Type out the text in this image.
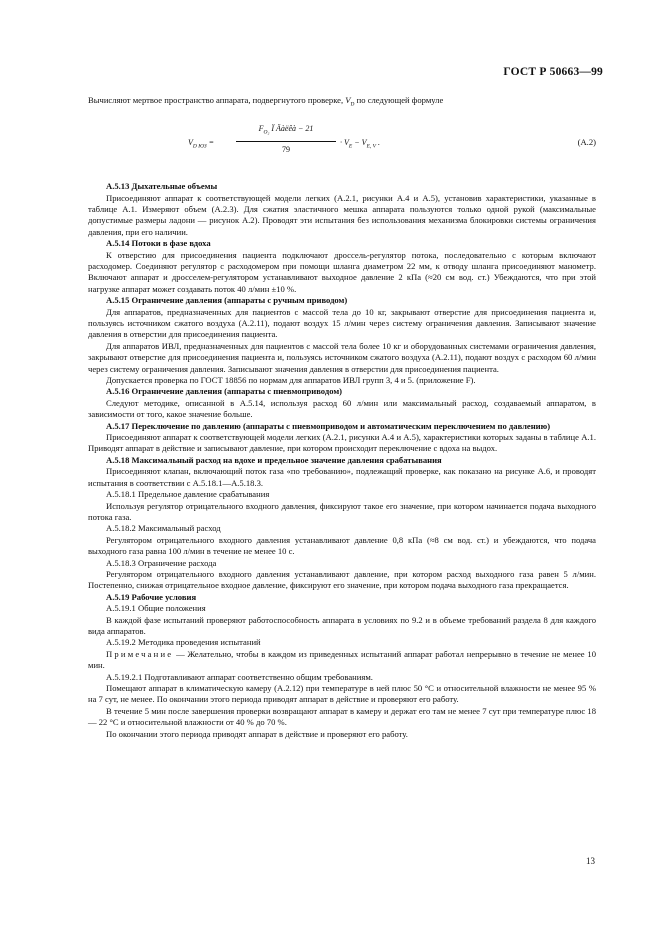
ГОСТ Р 50663—99

Вычисляют мертвое пространство аппарата, подвергнутого проверке, $V_D$ по следующей формуле

$V_{D ЮЗ}$ =
$F_{O_2}$ Ï Äàëêà − 21
79
· $V_E - V_{E, V}$ .	(А.2)

А.5.13 Дыхательные объемы

Присоединяют аппарат к соответствующей модели легких (А.2.1, рисунки А.4 и А.5), установив характеристики, указанные в таблице А.1. Измеряют объем (А.2.3). Для сжатия эластичного мешка аппарата пользуются только одной рукой (максимальные допустимые размеры ладони — рисунок А.2). Проводят эти испытания без использования механизма блокировки системы ограничения давления, при его наличии.

А.5.14 Потоки в фазе вдоха

К отверстию для присоединения пациента подключают дроссель-регулятор потока, последовательно с которым включают расходомер. Соединяют регулятор с расходомером при помощи шланга диаметром 22 мм, к отводу шланга присоединяют манометр. Включают аппарат и дросселем-регулятором устанавливают выходное давление 2 кПа (≈20 см вод. ст.) Убеждаются, что при этой нагрузке аппарат может создавать поток 40 л/мин ±10 %.

А.5.15 Ограничение давления (аппараты с ручным приводом)

Для аппаратов, предназначенных для пациентов с массой тела до 10 кг, закрывают отверстие для присоединения пациента и, пользуясь источником сжатого воздуха (А.2.11), подают воздух 15 л/мин через систему ограничения давления. Записывают значение давления в отверстии для присоединения пациента.

Для аппаратов ИВЛ, предназначенных для пациентов с массой тела более 10 кг и оборудованных системами ограничения давления, закрывают отверстие для присоединения пациента и, пользуясь источником сжатого воздуха (А.2.11), подают воздух с расходом 60 л/мин через систему ограничения давления. Записывают значения давления в отверстии для присоединения пациента.

Допускается проверка по ГОСТ 18856 по нормам для аппаратов ИВЛ групп 3, 4 и 5. (приложение F).

А.5.16 Ограничение давления (аппараты с пневмоприводом)

Следуют методике, описанной в А.5.14, используя расход 60 л/мин или максимальный расход, создаваемый аппаратом, в зависимости от того, какое значение больше.

А.5.17 Переключение по давлению (аппараты с пневмоприводом и автоматическим переключением по давлению)

Присоединяют аппарат к соответствующей модели легких (А.2.1, рисунки А.4 и А.5), характеристики которых заданы в таблице А.1. Приводят аппарат в действие и записывают давление, при котором происходит переключение с вдоха на выдох.

А.5.18 Максимальный расход на вдохе и предельное значение давления срабатывания

Присоединяют клапан, включающий поток газа «по требованию», подлежащий проверке, как показано на рисунке А.6, и проводят испытания в соответствии с А.5.18.1—А.5.18.3.

А.5.18.1 Предельное давление срабатывания

Используя регулятор отрицательного входного давления, фиксируют такое его значение, при котором начинается подача выходного потока газа.

А.5.18.2 Максимальный расход

Регулятором отрицательного входного давления устанавливают давление 0,8 кПа (≈8 см вод. ст.) и убеждаются, что подача выходного газа равна 100 л/мин в течение не менее 10 с.

А.5.18.3 Ограничение расхода

Регулятором отрицательного входного давления устанавливают давление, при котором расход выходного газа равен 5 л/мин. Постепенно, снижая отрицательное входное давление, фиксируют его значение, при котором подача выходного газа прекращается.

А.5.19 Рабочие условия

А.5.19.1 Общие положения

В каждой фазе испытаний проверяют работоспособность аппарата в условиях по 9.2 и в объеме требований раздела 8 для каждого вида аппаратов.

А.5.19.2 Методика проведения испытаний

Примечание — Желательно, чтобы в каждом из приведенных испытаний аппарат работал непрерывно в течение не менее 10 мин.

А.5.19.2.1 Подготавливают аппарат соответственно общим требованиям.

Помещают аппарат в климатическую камеру (А.2.12) при температуре в ней плюс 50 °С и относительной влажности не менее 95 % на 7 сут, не менее. По окончании этого периода приводят аппарат в действие и проверяют его работу.

В течение 5 мин после завершения проверки возвращают аппарат в камеру и держат его там не менее 7 сут при температуре плюс 18 — 22 °С и относительной влажности от 40 % до 70 %.

По окончании этого периода приводят аппарат в действие и проверяют его работу.

13
